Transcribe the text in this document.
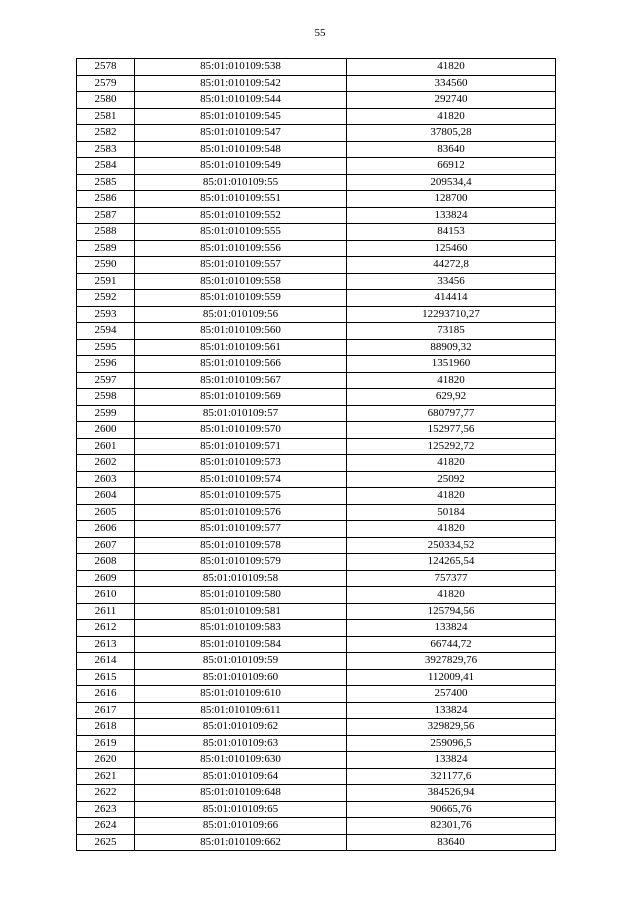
55
2578	85:01:010109:538	41820
2579	85:01:010109:542	334560
2580	85:01:010109:544	292740
2581	85:01:010109:545	41820
2582	85:01:010109:547	37805,28
2583	85:01:010109:548	83640
2584	85:01:010109:549	66912
2585	85:01:010109:55	209534,4
2586	85:01:010109:551	128700
2587	85:01:010109:552	133824
2588	85:01:010109:555	84153
2589	85:01:010109:556	125460
2590	85:01:010109:557	44272,8
2591	85:01:010109:558	33456
2592	85:01:010109:559	414414
2593	85:01:010109:56	12293710,27
2594	85:01:010109:560	73185
2595	85:01:010109:561	88909,32
2596	85:01:010109:566	1351960
2597	85:01:010109:567	41820
2598	85:01:010109:569	629,92
2599	85:01:010109:57	680797,77
2600	85:01:010109:570	152977,56
2601	85:01:010109:571	125292,72
2602	85:01:010109:573	41820
2603	85:01:010109:574	25092
2604	85:01:010109:575	41820
2605	85:01:010109:576	50184
2606	85:01:010109:577	41820
2607	85:01:010109:578	250334,52
2608	85:01:010109:579	124265,54
2609	85:01:010109:58	757377
2610	85:01:010109:580	41820
2611	85:01:010109:581	125794,56
2612	85:01:010109:583	133824
2613	85:01:010109:584	66744,72
2614	85:01:010109:59	3927829,76
2615	85:01:010109:60	112009,41
2616	85:01:010109:610	257400
2617	85:01:010109:611	133824
2618	85:01:010109:62	329829,56
2619	85:01:010109:63	259096,5
2620	85:01:010109:630	133824
2621	85:01:010109:64	321177,6
2622	85:01:010109:648	384526,94
2623	85:01:010109:65	90665,76
2624	85:01:010109:66	82301,76
2625	85:01:010109:662	83640
